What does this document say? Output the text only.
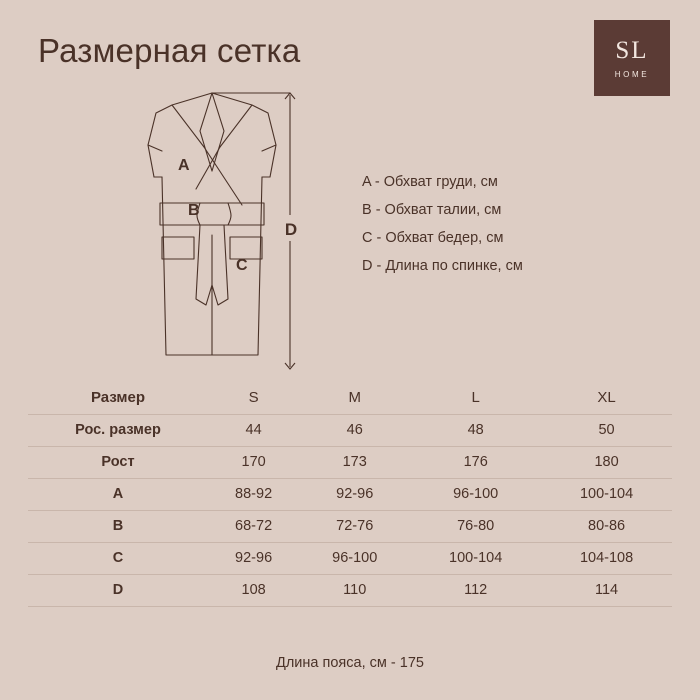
Размерная сетка	SL
HOME
D
A
B
C
A - Обхват груди, см
B - Обхват талии, см
C - Обхват бедер, см
D - Длина по спинке, см
Размер	S	M	L	XL
Рос. размер	44	46	48	50
Рост	170	173	176	180
A	88-92	92-96	96-100	100-104
B	68-72	72-76	76-80	80-86
C	92-96	96-100	100-104	104-108
D	108	110	112	114
Длина пояса, см - 175
